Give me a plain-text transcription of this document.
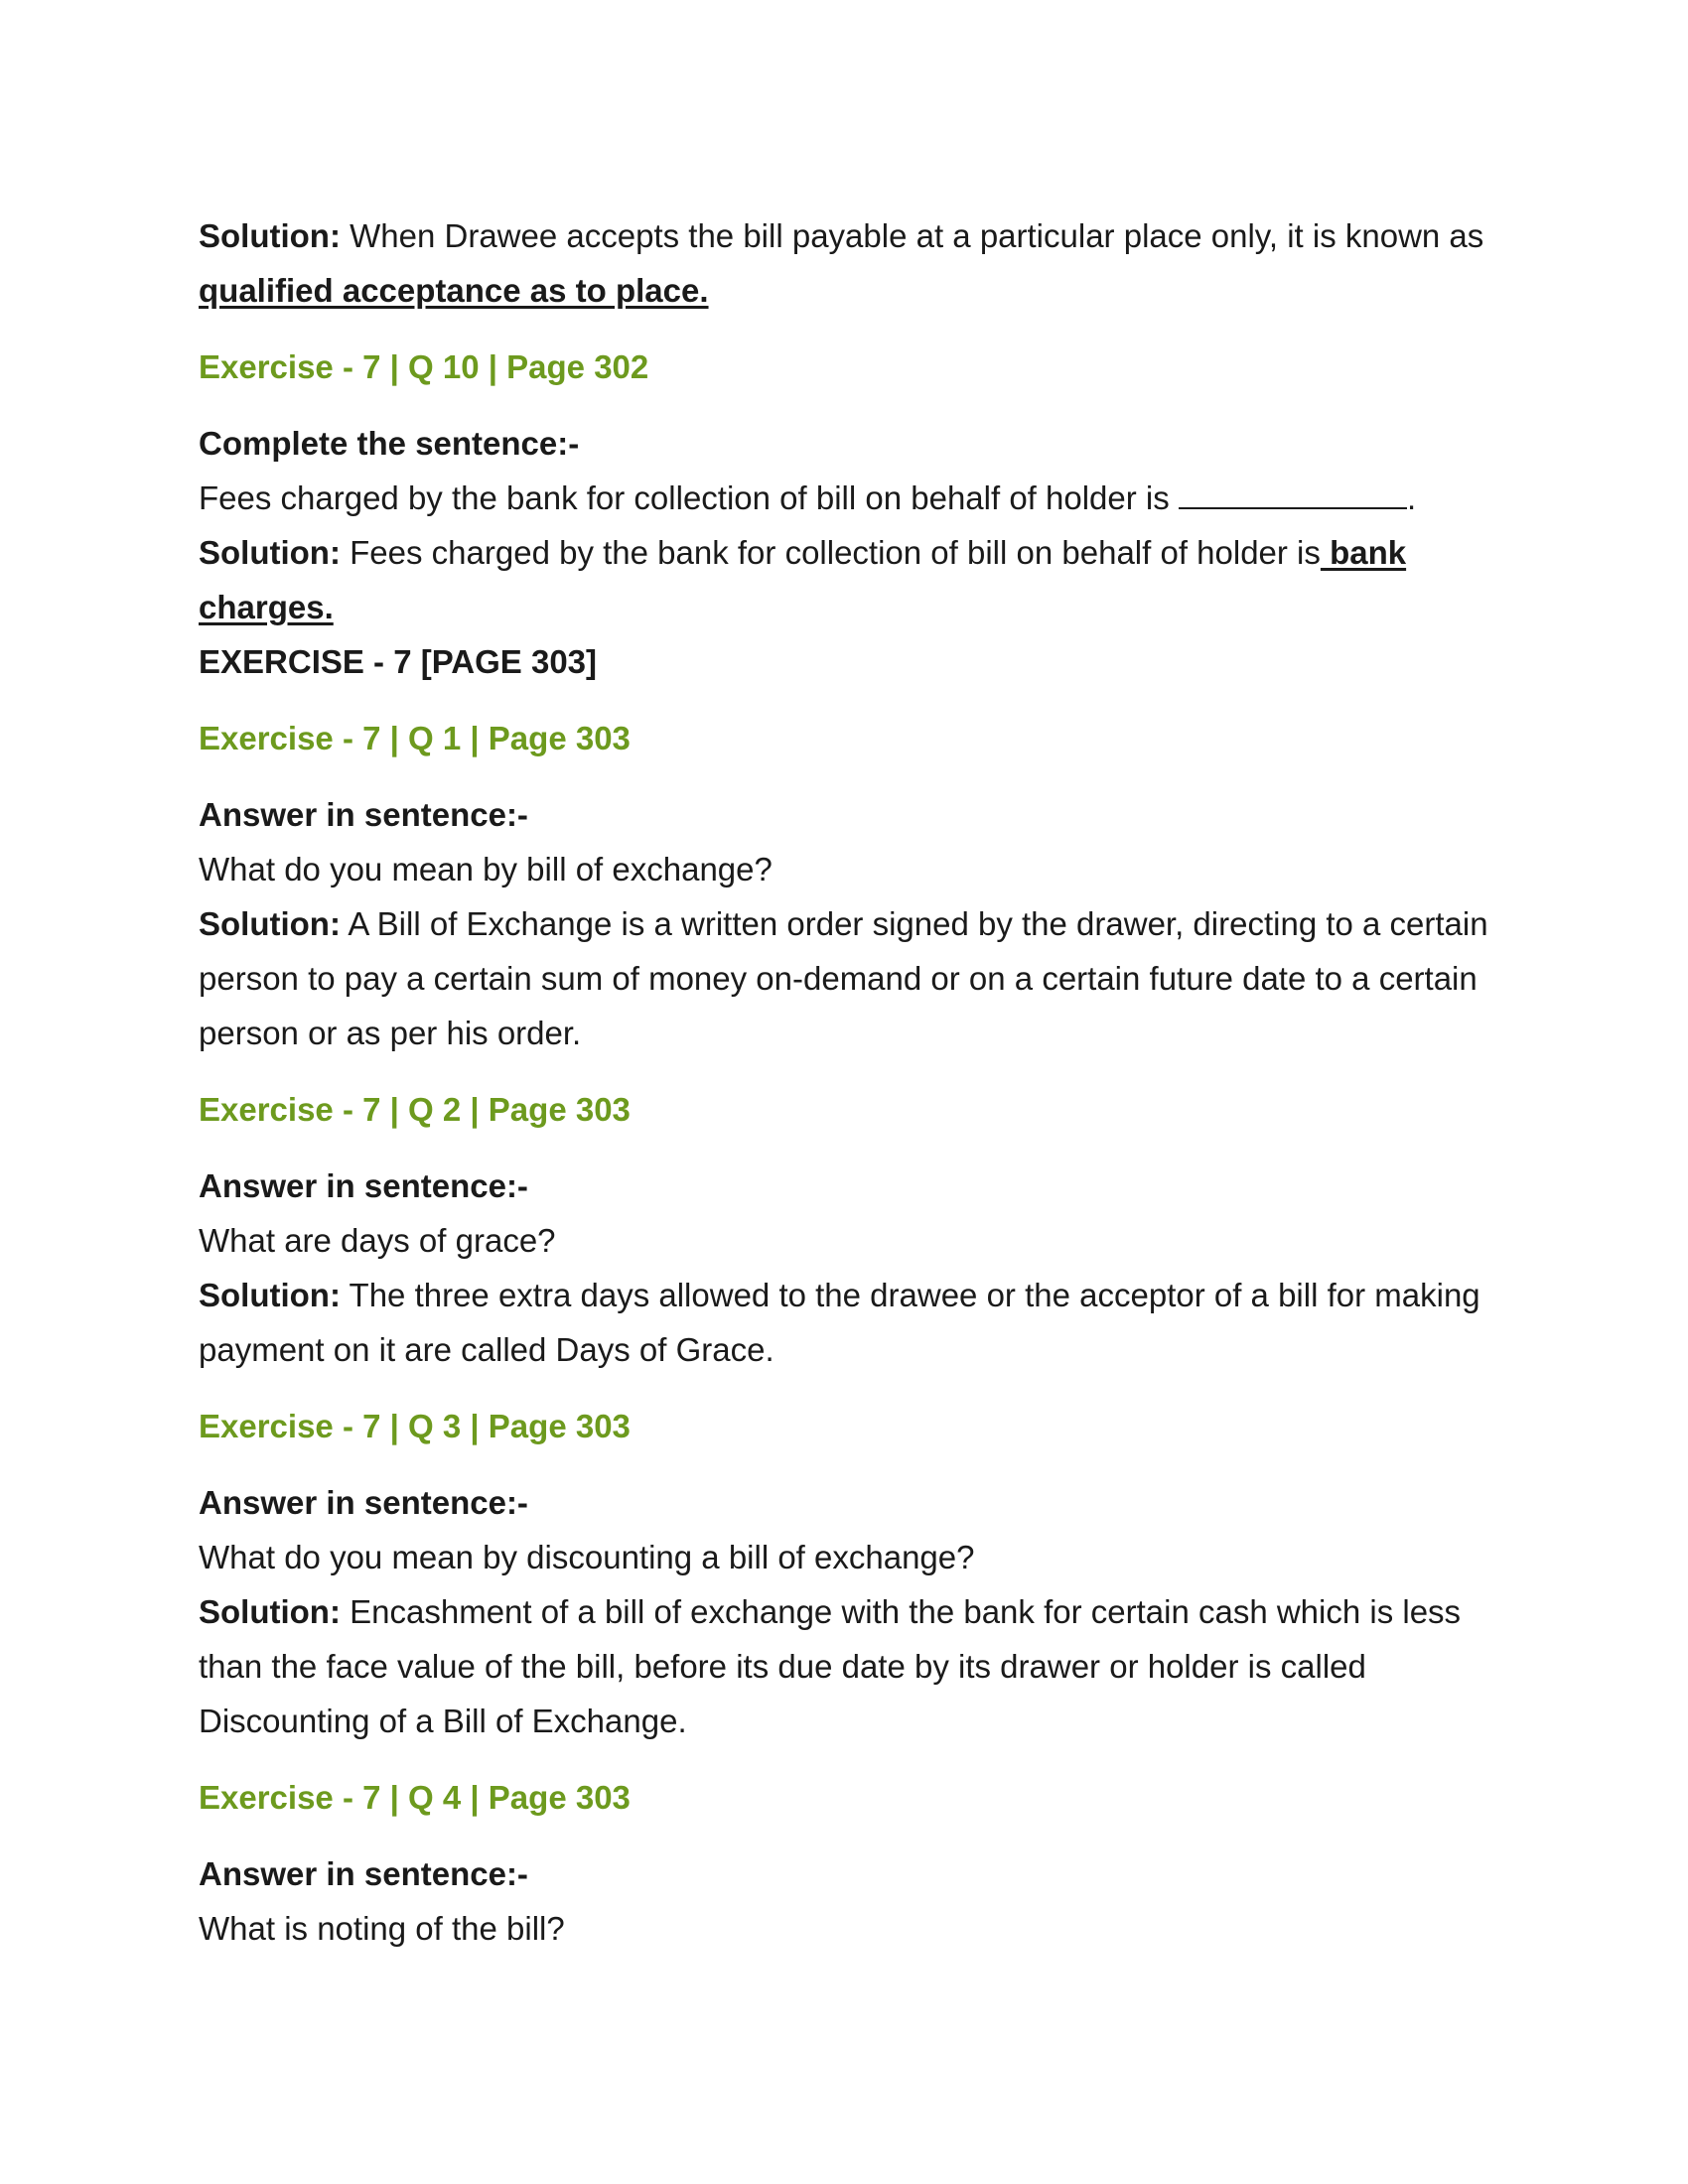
Solution: When Drawee accepts the bill payable at a particular place only, it is known as qualified acceptance as to place.

Exercise - 7 | Q 10 | Page 302

Complete the sentence:-

Fees charged by the bank for collection of bill on behalf of holder is	.

Solution: Fees charged by the bank for collection of bill on behalf of holder is bank charges.

EXERCISE - 7 [PAGE 303]

Exercise - 7 | Q 1 | Page 303

Answer in sentence:-

What do you mean by bill of exchange?

Solution: A Bill of Exchange is a written order signed by the drawer, directing to a certain person to pay a certain sum of money on-demand or on a certain future date to a certain person or as per his order.

Exercise - 7 | Q 2 | Page 303

Answer in sentence:-

What are days of grace?

Solution: The three extra days allowed to the drawee or the acceptor of a bill for making payment on it are called Days of Grace.

Exercise - 7 | Q 3 | Page 303

Answer in sentence:-

What do you mean by discounting a bill of exchange?

Solution: Encashment of a bill of exchange with the bank for certain cash which is less than the face value of the bill, before its due date by its drawer or holder is called Discounting of a Bill of Exchange.

Exercise - 7 | Q 4 | Page 303

Answer in sentence:-

What is noting of the bill?
